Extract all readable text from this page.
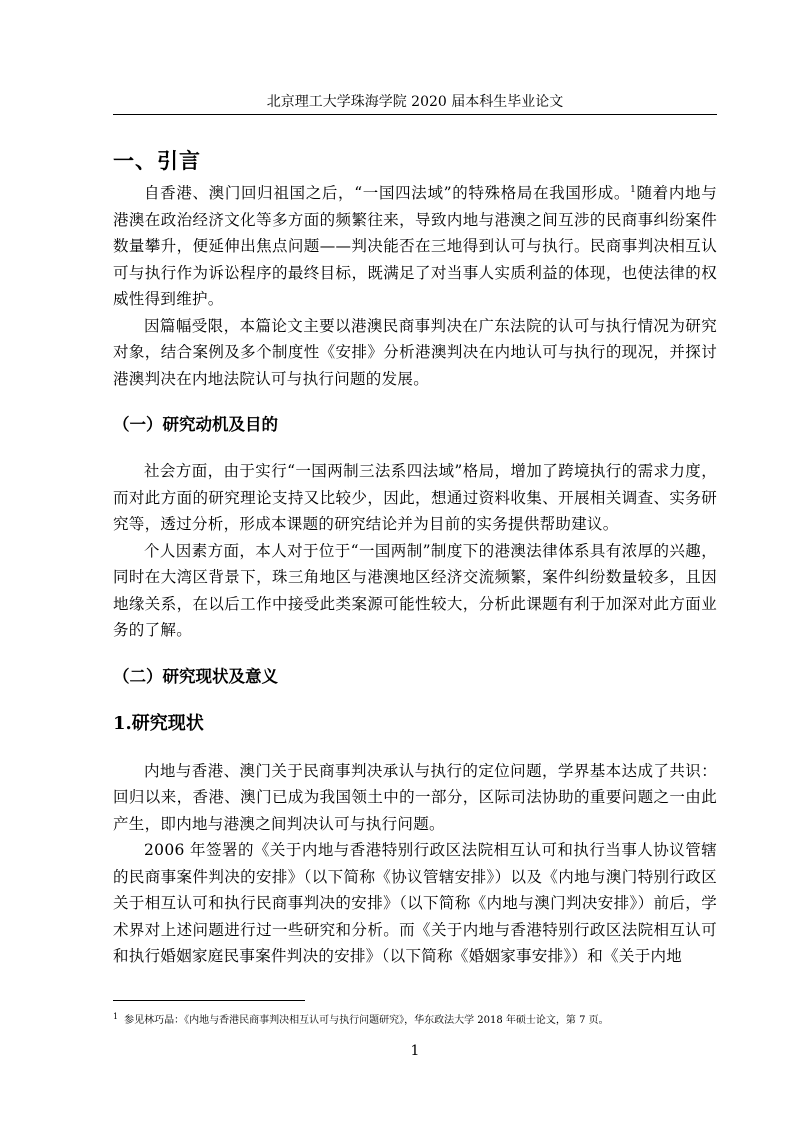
北京理工大学珠海学院 2020 届本科生毕业论文
一、引言

自香港、澳门回归祖国之后，“一国四法域”的特殊格局在我国形成。$^1$随着内地与港澳在政治经济文化等多方面的频繁往来，导致内地与港澳之间互涉的民商事纠纷案件数量攀升，便延伸出焦点问题——判决能否在三地得到认可与执行。民商事判决相互认可与执行作为诉讼程序的最终目标，既满足了对当事人实质利益的体现，也使法律的权威性得到维护。

因篇幅受限，本篇论文主要以港澳民商事判决在广东法院的认可与执行情况为研究对象，结合案例及多个制度性《安排》分析港澳判决在内地认可与执行的现况，并探讨港澳判决在内地法院认可与执行问题的发展。

（一）研究动机及目的

社会方面，由于实行“一国两制三法系四法域”格局，增加了跨境执行的需求力度，而对此方面的研究理论支持又比较少，因此，想通过资料收集、开展相关调查、实务研究等，透过分析，形成本课题的研究结论并为目前的实务提供帮助建议。

个人因素方面，本人对于位于“一国两制”制度下的港澳法律体系具有浓厚的兴趣，同时在大湾区背景下，珠三角地区与港澳地区经济交流频繁，案件纠纷数量较多，且因地缘关系，在以后工作中接受此类案源可能性较大，分析此课题有利于加深对此方面业务的了解。

（二）研究现状及意义
1.研究现状

内地与香港、澳门关于民商事判决承认与执行的定位问题，学界基本达成了共识：回归以来，香港、澳门已成为我国领土中的一部分，区际司法协助的重要问题之一由此产生，即内地与港澳之间判决认可与执行问题。

2006 年签署的《关于内地与香港特别行政区法院相互认可和执行当事人协议管辖的民商事案件判决的安排》（以下简称《协议管辖安排》）以及《内地与澳门特别行政区关于相互认可和执行民商事判决的安排》（以下简称《内地与澳门判决安排》）前后，学术界对上述问题进行过一些研究和分析。而《关于内地与香港特别行政区法院相互认可和执行婚姻家庭民事案件判决的安排》（以下简称《婚姻家事安排》）和《关于内地

$^1$ 参见林巧晶：《内地与香港民商事判决相互认可与执行问题研究》，华东政法大学 2018 年硕士论文，第 7 页。
1
